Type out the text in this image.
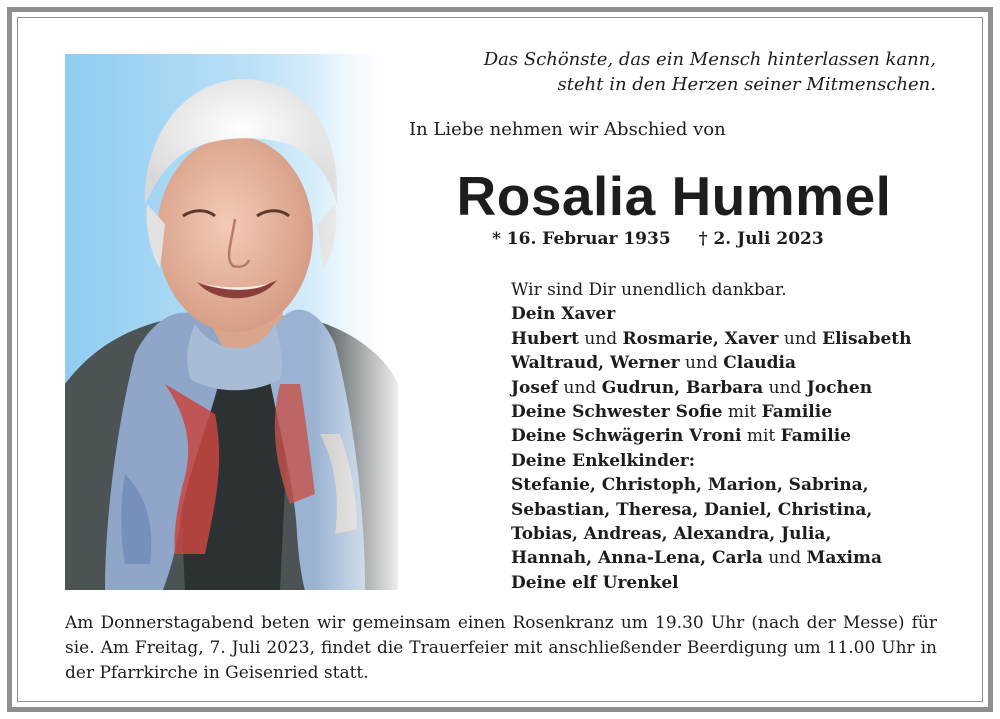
Das Schönste, das ein Mensch hinterlassen kann,
steht in den Herzen seiner Mitmenschen.
In Liebe nehmen wir Abschied von
Rosalia Hummel
* 16. Februar 1935 † 2. Juli 2023
Wir sind Dir unendlich dankbar.
Dein Xaver
Hubert und Rosmarie, Xaver und Elisabeth
Waltraud, Werner und Claudia
Josef und Gudrun, Barbara und Jochen
Deine Schwester Sofie mit Familie
Deine Schwägerin Vroni mit Familie
Deine Enkelkinder:
Stefanie, Christoph, Marion, Sabrina,
Sebastian, Theresa, Daniel, Christina,
Tobias, Andreas, Alexandra, Julia,
Hannah, Anna-Lena, Carla und Maxima
Deine elf Urenkel
Am Donnerstagabend beten wir gemeinsam einen Rosenkranz um 19.30 Uhr (nach der Messe) für sie. Am Freitag, 7. Juli 2023, findet die Trauerfeier mit anschließender Beerdigung um 11.00 Uhr in der Pfarrkirche in Geisenried statt.
